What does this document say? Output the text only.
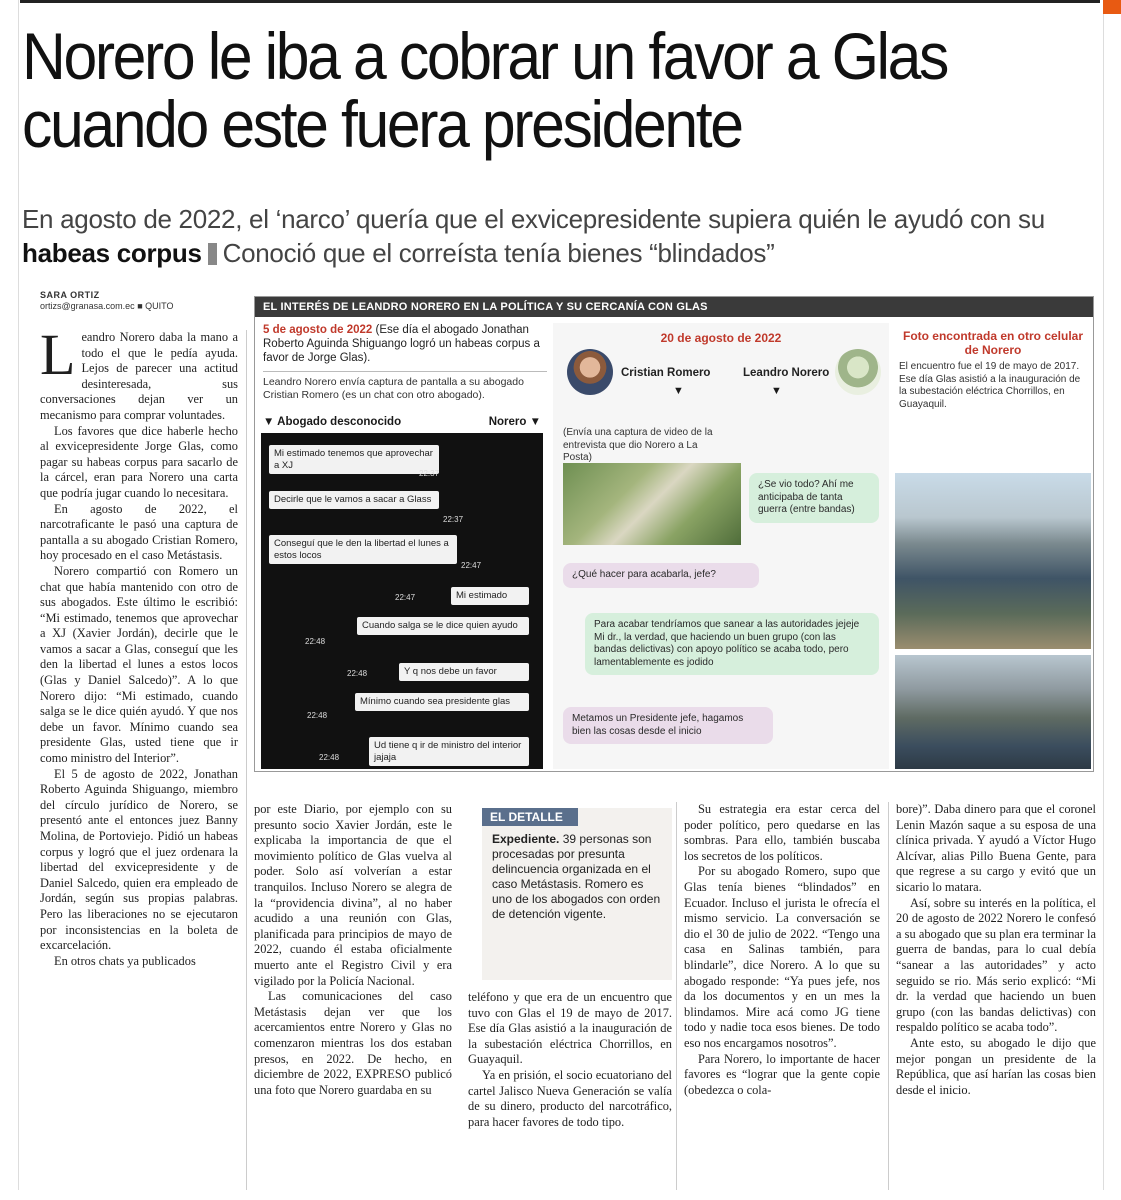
Norero le iba a cobrar un favor a Glas cuando este fuera presidente
En agosto de 2022, el ‘narco’ quería que el exvicepresidente supiera quién le ayudó con su habeas corpus Conoció que el correísta tenía bienes “blindados”
SARA ORTIZ
ortizs@granasa.com.ec ■ QUITO

Leandro Norero daba la mano a todo el que le pedía ayuda. Lejos de parecer una actitud desinteresada, sus conversaciones dejan ver un mecanismo para comprar voluntades.

Los favores que dice haberle hecho al exvicepresidente Jorge Glas, como pagar su habeas corpus para sacarlo de la cárcel, eran para Norero una carta que podría jugar cuando lo necesitara.

En agosto de 2022, el narcotraficante le pasó una captura de pantalla a su abogado Cristian Romero, hoy procesado en el caso Metástasis.

Norero compartió con Romero un chat que había mantenido con otro de sus abogados. Este último le escribió: “Mi estimado, tenemos que aprovechar a XJ (Xavier Jordán), decirle que le vamos a sacar a Glas, conseguí que les den la libertad el lunes a estos locos (Glas y Daniel Salcedo)”. A lo que Norero dijo: “Mi estimado, cuando salga se le dice quién ayudó. Y que nos debe un favor. Mínimo cuando sea presidente Glas, usted tiene que ir como ministro del Interior”.

El 5 de agosto de 2022, Jonathan Roberto Aguinda Shiguango, miembro del círculo jurídico de Norero, se presentó ante el entonces juez Banny Molina, de Portoviejo. Pidió un habeas corpus y logró que el juez ordenara la libertad del exvicepresidente y de Daniel Salcedo, quien era empleado de Jordán, según sus propias palabras. Pero las liberaciones no se ejecutaron por inconsistencias en la boleta de excarcelación.

En otros chats ya publicados

EL INTERÉS DE LEANDRO NORERO EN LA POLÍTICA Y SU CERCANÍA CON GLAS
5 de agosto de 2022 (Ese día el abogado Jonathan Roberto Aguinda Shiguango logró un habeas corpus a favor de Jorge Glas).
Leandro Norero envía captura de pantalla a su abogado Cristian Romero (es un chat con otro abogado).
▼ Abogado desconocido	Norero ▼
Mi estimado tenemos que aprovechar a XJ
22:37
Decirle que le vamos a sacar a Glass
22:37
Conseguí que le den la libertad el lunes a estos locos
22:47
22:47	Mi estimado
22:48
Cuando salga se le dice quien ayudo
22:48	Y q nos debe un favor
22:48
Mínimo cuando sea presidente glas
22:48
Ud tiene q ir de ministro del interior jajaja
20 de agosto de 2022
Cristian Romero	Leandro Norero
▼	▼
(Envía una captura de video de la entrevista que dio Norero a La Posta)
¿Se vio todo? Ahí me anticipaba de tanta guerra (entre bandas)
¿Qué hacer para acabarla, jefe?
Para acabar tendríamos que sanear a las autoridades jejeje Mi dr., la verdad, que haciendo un buen grupo (con las bandas delictivas) con apoyo político se acaba todo, pero lamentablemente es jodido
Metamos un Presidente jefe, hagamos bien las cosas desde el inicio
Foto encontrada en otro celular de Norero
El encuentro fue el 19 de mayo de 2017. Ese día Glas asistió a la inauguración de la subestación eléctrica Chorrillos, en Guayaquil.

por este Diario, por ejemplo con su presunto socio Xavier Jordán, este le explicaba la importancia de que el movimiento político de Glas vuelva al poder. Solo así volverían a estar tranquilos. Incluso Norero se alegra de la “providencia divina”, al no haber acudido a una reunión con Glas, planificada para principios de mayo de 2022, cuando él estaba oficialmente muerto ante el Registro Civil y era vigilado por la Policía Nacional.

Las comunicaciones del caso Metástasis dejan ver que los acercamientos entre Norero y Glas no comenzaron mientras los dos estaban presos, en 2022. De hecho, en diciembre de 2022, EXPRESO publicó una foto que Norero guardaba en su

EL DETALLE
Expediente. 39 personas son procesadas por presunta delincuencia organizada en el caso Metástasis. Romero es uno de los abogados con orden de detención vigente.

teléfono y que era de un encuentro que tuvo con Glas el 19 de mayo de 2017. Ese día Glas asistió a la inauguración de la subestación eléctrica Chorrillos, en Guayaquil.

Ya en prisión, el socio ecuatoriano del cartel Jalisco Nueva Generación se valía de su dinero, producto del narcotráfico, para hacer favores de todo tipo.

Su estrategia era estar cerca del poder político, pero quedarse en las sombras. Para ello, también buscaba los secretos de los políticos.

Por su abogado Romero, supo que Glas tenía bienes “blindados” en Ecuador. Incluso el jurista le ofrecía el mismo servicio. La conversación se dio el 30 de julio de 2022. “Tengo una casa en Salinas también, para blindarle”, dice Norero. A lo que su abogado responde: “Ya pues jefe, nos da los documentos y en un mes la blindamos. Mire acá como JG tiene todo y nadie toca esos bienes. De todo eso nos encargamos nosotros”.

Para Norero, lo importante de hacer favores es “lograr que la gente copie (obedezca o cola-

bore)”. Daba dinero para que el coronel Lenin Mazón saque a su esposa de una clínica privada. Y ayudó a Víctor Hugo Alcívar, alias Pillo Buena Gente, para que regrese a su cargo y evitó que un sicario lo matara.

Así, sobre su interés en la política, el 20 de agosto de 2022 Norero le confesó a su abogado que su plan era terminar la guerra de bandas, para lo cual debía “sanear a las autoridades” y acto seguido se rio. Más serio explicó: “Mi dr. la verdad que haciendo un buen grupo (con las bandas delictivas) con respaldo político se acaba todo”.

Ante esto, su abogado le dijo que mejor pongan un presidente de la República, que así harían las cosas bien desde el inicio.
